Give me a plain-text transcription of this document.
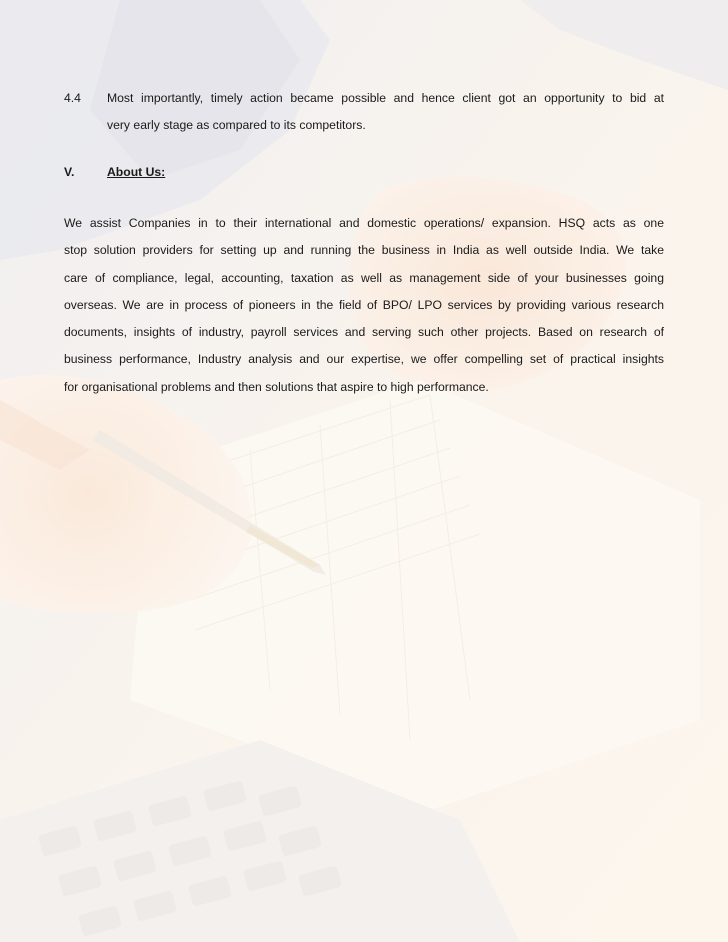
4.4 Most importantly, timely action became possible and hence client got an opportunity to bid at
very early stage as compared to its competitors.
V.	About Us:
We assist Companies in to their international and domestic operations/ expansion. HSQ acts as one
stop solution providers for setting up and running the business in India as well outside India. We take
care of compliance, legal, accounting, taxation as well as management side of your businesses going
overseas. We are in process of pioneers in the field of BPO/ LPO services by providing various research
documents, insights of industry, payroll services and serving such other projects. Based on research of
business performance, Industry analysis and our expertise, we offer compelling set of practical insights
for organisational problems and then solutions that aspire to high performance.
